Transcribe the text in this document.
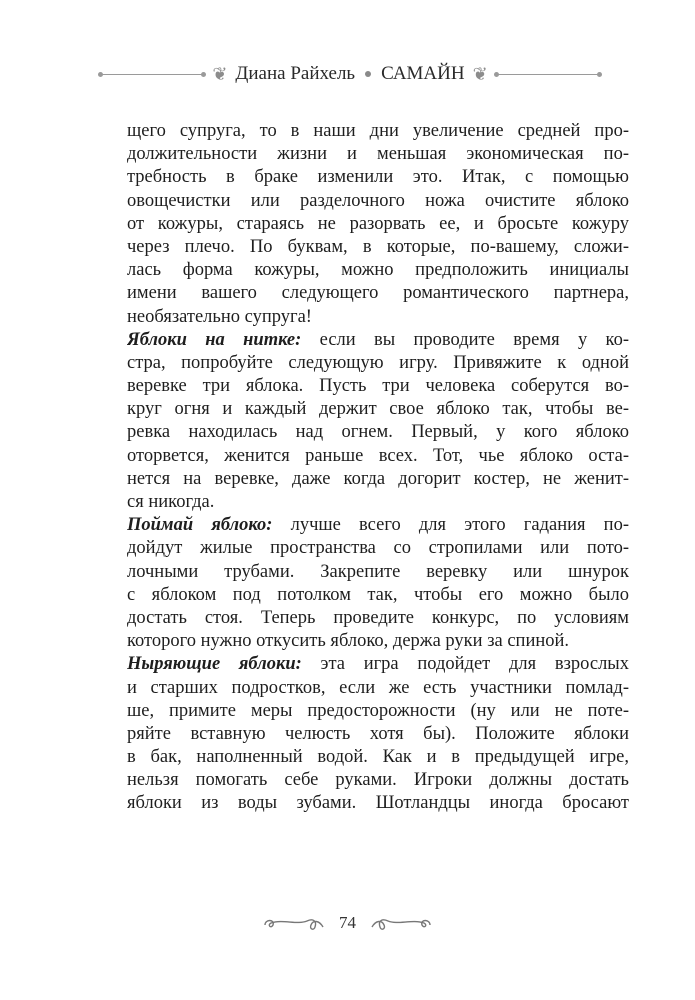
❦ Диана Райхель САМАЙН ❦
щего супруга, то в наши дни увеличение средней про-
должительности жизни и меньшая экономическая по-
требность в браке изменили это. Итак, с помощью
овощечистки или разделочного ножа очистите яблоко
от кожуры, стараясь не разорвать ее, и бросьте кожуру
через плечо. По буквам, в которые, по-вашему, сложи-
лась форма кожуры, можно предположить инициалы
имени вашего следующего романтического партнера,
необязательно супруга!
Яблоки на нитке: если вы проводите время у ко-
стра, попробуйте следующую игру. Привяжите к одной
веревке три яблока. Пусть три человека соберутся во-
круг огня и каждый держит свое яблоко так, чтобы ве-
ревка находилась над огнем. Первый, у кого яблоко
оторвется, женится раньше всех. Тот, чье яблоко оста-
нется на веревке, даже когда догорит костер, не женит-
ся никогда.
Поймай яблоко: лучше всего для этого гадания по-
дойдут жилые пространства со стропилами или пото-
лочными трубами. Закрепите веревку или шнурок
с яблоком под потолком так, чтобы его можно было
достать стоя. Теперь проведите конкурс, по условиям
которого нужно откусить яблоко, держа руки за спиной.
Ныряющие яблоки: эта игра подойдет для взрослых
и старших подростков, если же есть участники помлад-
ше, примите меры предосторожности (ну или не поте-
ряйте вставную челюсть хотя бы). Положите яблоки
в бак, наполненный водой. Как и в предыдущей игре,
нельзя помогать себе руками. Игроки должны достать
яблоки из воды зубами. Шотландцы иногда бросают
74
